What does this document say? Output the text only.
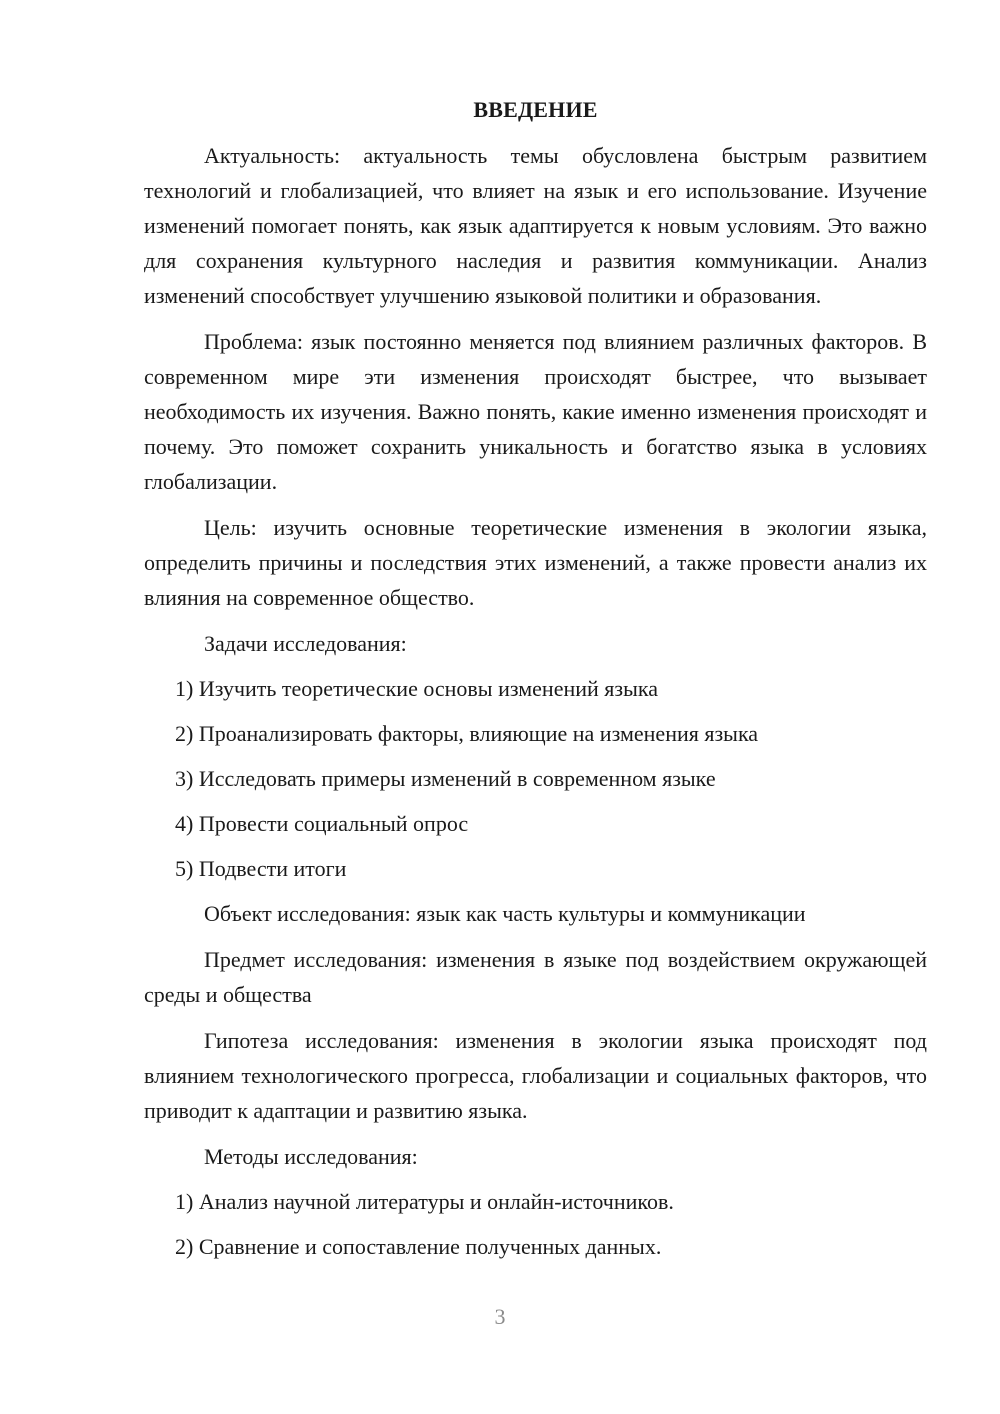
ВВЕДЕНИЕ

Актуальность: актуальность темы обусловлена быстрым развитием технологий и глобализацией, что влияет на язык и его использование. Изучение изменений помогает понять, как язык адаптируется к новым условиям. Это важно для сохранения культурного наследия и развития коммуникации. Анализ изменений способствует улучшению языковой политики и образования.

Проблема: язык постоянно меняется под влиянием различных факторов. В современном мире эти изменения происходят быстрее, что вызывает необходимость их изучения. Важно понять, какие именно изменения происходят и почему. Это поможет сохранить уникальность и богатство языка в условиях глобализации.

Цель: изучить основные теоретические изменения в экологии языка, определить причины и последствия этих изменений, а также провести анализ их влияния на современное общество.

Задачи исследования:
1) Изучить теоретические основы изменений языка
2) Проанализировать факторы, влияющие на изменения языка
3) Исследовать примеры изменений в современном языке
4) Провести социальный опрос
5) Подвести итоги

Объект исследования: язык как часть культуры и коммуникации

Предмет исследования: изменения в языке под воздействием окружающей среды и общества

Гипотеза исследования: изменения в экологии языка происходят под влиянием технологического прогресса, глобализации и социальных факторов, что приводит к адаптации и развитию языка.

Методы исследования:
1) Анализ научной литературы и онлайн-источников.
2) Сравнение и сопоставление полученных данных.
3
